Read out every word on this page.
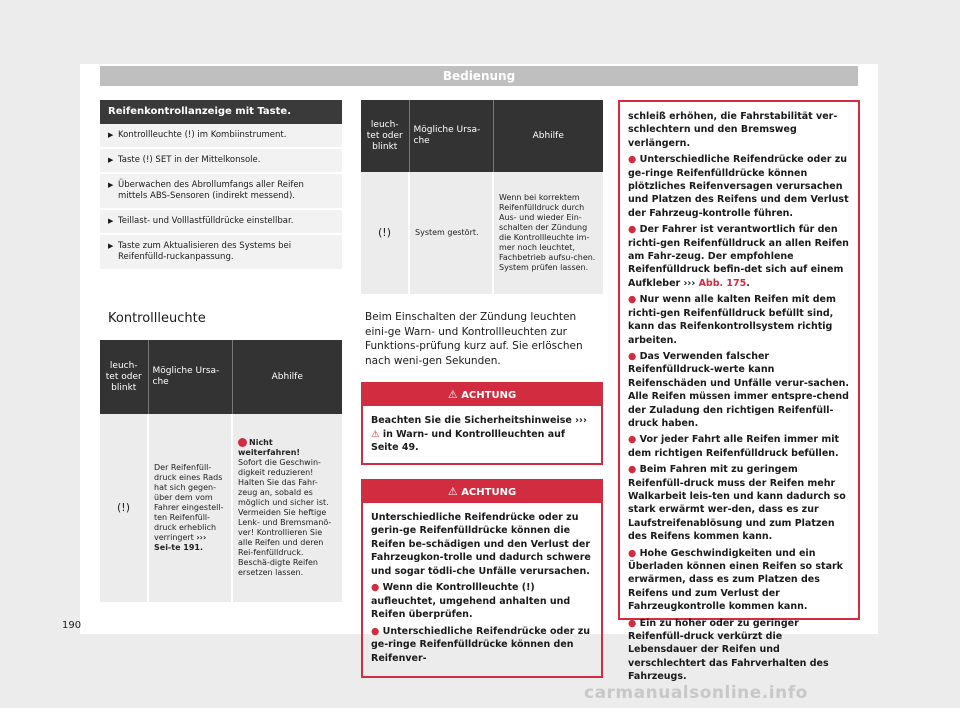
Bedienung
Reifenkontrollanzeige mit Taste.
▶ Kontrollleuchte (!) im Kombiinstrument.
▶ Taste (!) SET in der Mittelkonsole.
▶ Überwachen des Abrollumfangs aller Reifen mittels ABS-Sensoren (indirekt messend).
▶ Teillast- und Volllastfülldrücke einstellbar.
▶ Taste zum Aktualisieren des Systems bei Reifenfülld-ruckanpassung.
Kontrollleuchte
leuch-tet oder blinkt	Mögliche Ursa-che	Abhilfe
(!)	Der Reifenfüll-druck eines Rads hat sich gegen-über dem vom Fahrer eingestell-ten Reifenfüll-druck erheblich verringert ››› Sei-te 191.	Nicht weiterfahren!
Sofort die Geschwin-digkeit reduzieren! Halten Sie das Fahr-zeug an, sobald es möglich und sicher ist. Vermeiden Sie heftige Lenk- und Bremsmanö-ver! Kontrollieren Sie alle Reifen und deren Rei-fenfülldruck. Beschä-digte Reifen ersetzen lassen.
leuch-tet oder blinkt	Mögliche Ursa-che	Abhilfe
(!)	System gestört.	Wenn bei korrektem Reifenfülldruck durch Aus- und wieder Ein-schalten der Zündung die Kontrollleuchte im-mer noch leuchtet, Fachbetrieb aufsu-chen. System prüfen lassen.
Beim Einschalten der Zündung leuchten eini-ge Warn- und Kontrollleuchten zur Funktions-prüfung kurz auf. Sie erlöschen nach weni-gen Sekunden.
⚠ ACHTUNG
Beachten Sie die Sicherheitshinweise ››› ⚠ in Warn- und Kontrollleuchten auf Seite 49.
⚠ ACHTUNG

Unterschiedliche Reifendrücke oder zu gerin-ge Reifenfülldrücke können die Reifen be-schädigen und den Verlust der Fahrzeugkon-trolle und dadurch schwere und sogar tödli-che Unfälle verursachen.

● Wenn die Kontrollleuchte (!) aufleuchtet, umgehend anhalten und Reifen überprüfen.

● Unterschiedliche Reifendrücke oder zu ge-ringe Reifenfülldrücke können den Reifenver-

schleiß erhöhen, die Fahrstabilität ver-schlechtern und den Bremsweg verlängern.

● Unterschiedliche Reifendrücke oder zu ge-ringe Reifenfülldrücke können plötzliches Reifenversagen verursachen und Platzen des Reifens und dem Verlust der Fahrzeug-kontrolle führen.

● Der Fahrer ist verantwortlich für den richti-gen Reifenfülldruck an allen Reifen am Fahr-zeug. Der empfohlene Reifenfülldruck befin-det sich auf einem Aufkleber ››› Abb. 175.

● Nur wenn alle kalten Reifen mit dem richti-gen Reifenfülldruck befüllt sind, kann das Reifenkontrollsystem richtig arbeiten.

● Das Verwenden falscher Reifenfülldruck-werte kann Reifenschäden und Unfälle verur-sachen. Alle Reifen müssen immer entspre-chend der Zuladung den richtigen Reifenfüll-druck haben.

● Vor jeder Fahrt alle Reifen immer mit dem richtigen Reifenfülldruck befüllen.

● Beim Fahren mit zu geringem Reifenfüll-druck muss der Reifen mehr Walkarbeit leis-ten und kann dadurch so stark erwärmt wer-den, dass es zur Laufstreifenablösung und zum Platzen des Reifens kommen kann.

● Hohe Geschwindigkeiten und ein Überladen können einen Reifen so stark erwärmen, dass es zum Platzen des Reifens und zum Verlust der Fahrzeugkontrolle kommen kann.

● Ein zu hoher oder zu geringer Reifenfüll-druck verkürzt die Lebensdauer der Reifen und verschlechtert das Fahrverhalten des Fahrzeugs.

190
carmanualsonline.info
